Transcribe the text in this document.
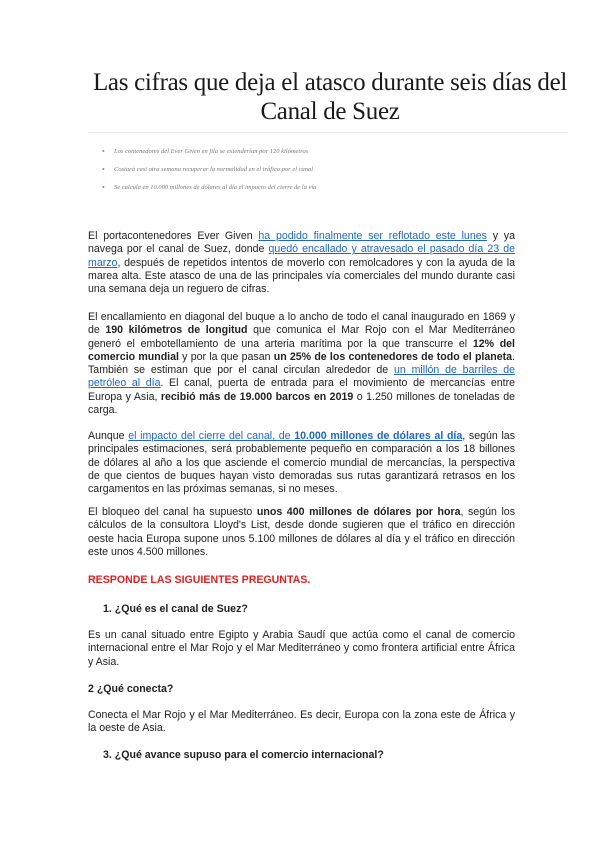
Las cifras que deja el atasco durante seis días del Canal de Suez
• Los contenedores del Ever Given en fila se extenderían por 120 kilómetros
• Costará casi otra semana recuperar la normalidad en el tráfico por el canal
• Se calcula en 10.000 millones de dólares al día el impacto del cierre de la vía

El portacontenedores Ever Given ha podido finalmente ser reflotado este lunes y ya navega por el canal de Suez, donde quedó encallado y atravesado el pasado día 23 de marzo, después de repetidos intentos de moverlo con remolcadores y con la ayuda de la marea alta. Este atasco de una de las principales vía comerciales del mundo durante casi una semana deja un reguero de cifras.

El encallamiento en diagonal del buque a lo ancho de todo el canal inaugurado en 1869 y de 190 kilómetros de longitud que comunica el Mar Rojo con el Mar Mediterráneo generó el embotellamiento de una arteria marítima por la que transcurre el 12% del comercio mundial y por la que pasan un 25% de los contenedores de todo el planeta. También se estiman que por el canal circulan alrededor de un millón de barriles de petróleo al día. El canal, puerta de entrada para el movimiento de mercancías entre Europa y Asia, recibió más de 19.000 barcos en 2019 o 1.250 millones de toneladas de carga.

Aunque el impacto del cierre del canal, de 10.000 millones de dólares al día, según las principales estimaciones, será probablemente pequeño en comparación a los 18 billones de dólares al año a los que asciende el comercio mundial de mercancías, la perspectiva de que cientos de buques hayan visto demoradas sus rutas garantizará retrasos en los cargamentos en las próximas semanas, si no meses.

El bloqueo del canal ha supuesto unos 400 millones de dólares por hora, según los cálculos de la consultora Lloyd's List, desde donde sugieren que el tráfico en dirección oeste hacia Europa supone unos 5.100 millones de dólares al día y el tráfico en dirección este unos 4.500 millones.

RESPONDE LAS SIGUIENTES PREGUNTAS.

1. ¿Qué es el canal de Suez?

Es un canal situado entre Egipto y Arabia Saudí que actúa como el canal de comercio internacional entre el Mar Rojo y el Mar Mediterráneo y como frontera artificial entre África y Asia.

2 ¿Qué conecta?

Conecta el Mar Rojo y el Mar Mediterráneo. Es decir, Europa con la zona este de África y la oeste de Asia.

3. ¿Qué avance supuso para el comercio internacional?
